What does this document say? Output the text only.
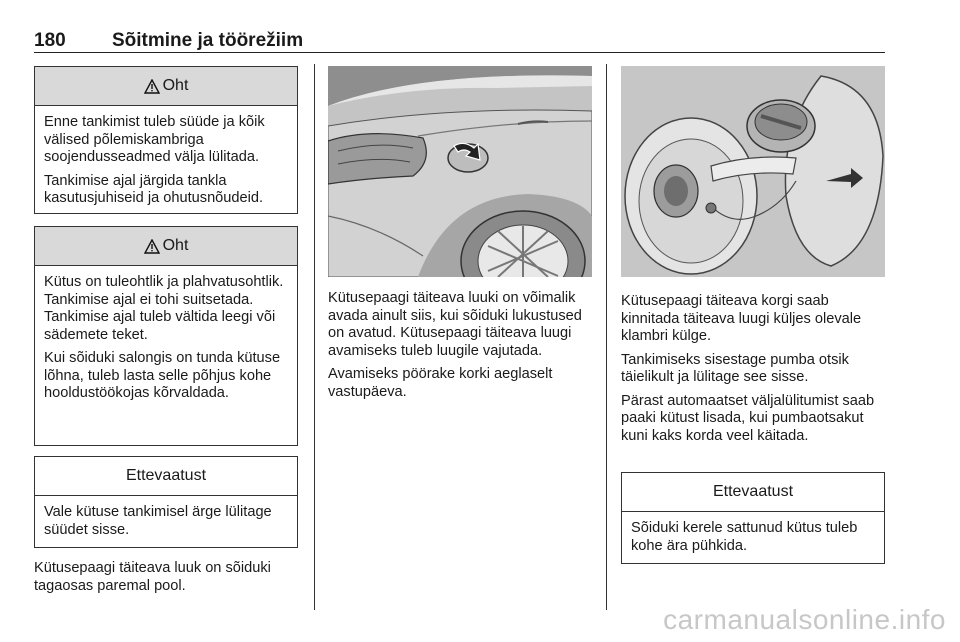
180 Sõitmine ja töörežiim
Oht

Enne tankimist tuleb süüde ja kõik välised põlemiskambriga soojendusseadmed välja lülitada.

Tankimise ajal järgida tankla kasutusjuhiseid ja ohutusnõudeid.

Oht

Kütus on tuleohtlik ja plahvatusohtlik. Tankimise ajal ei tohi suitsetada. Tankimise ajal tuleb vältida leegi või sädemete teket.

Kui sõiduki salongis on tunda kütuse lõhna, tuleb lasta selle põhjus kohe hooldustöökojas kõrvaldada.

Ettevaatust

Vale kütuse tankimisel ärge lülitage süüdet sisse.

Kütusepaagi täiteava luuk on sõiduki tagaosas paremal pool.

Kütusepaagi täiteava luuki on võimalik avada ainult siis, kui sõiduki lukustused on avatud. Kütusepaagi täiteava luugi avamiseks tuleb luugile vajutada.

Avamiseks pöörake korki aeglaselt vastupäeva.

Kütusepaagi täiteava korgi saab kinnitada täiteava luugi küljes olevale klambri külge.

Tankimiseks sisestage pumba otsik täielikult ja lülitage see sisse.

Pärast automaatset väljalülitumist saab paaki kütust lisada, kui pumbaotsakut kuni kaks korda veel käitada.

Ettevaatust

Sõiduki kerele sattunud kütus tuleb kohe ära pühkida.

carmanualsonline.info
